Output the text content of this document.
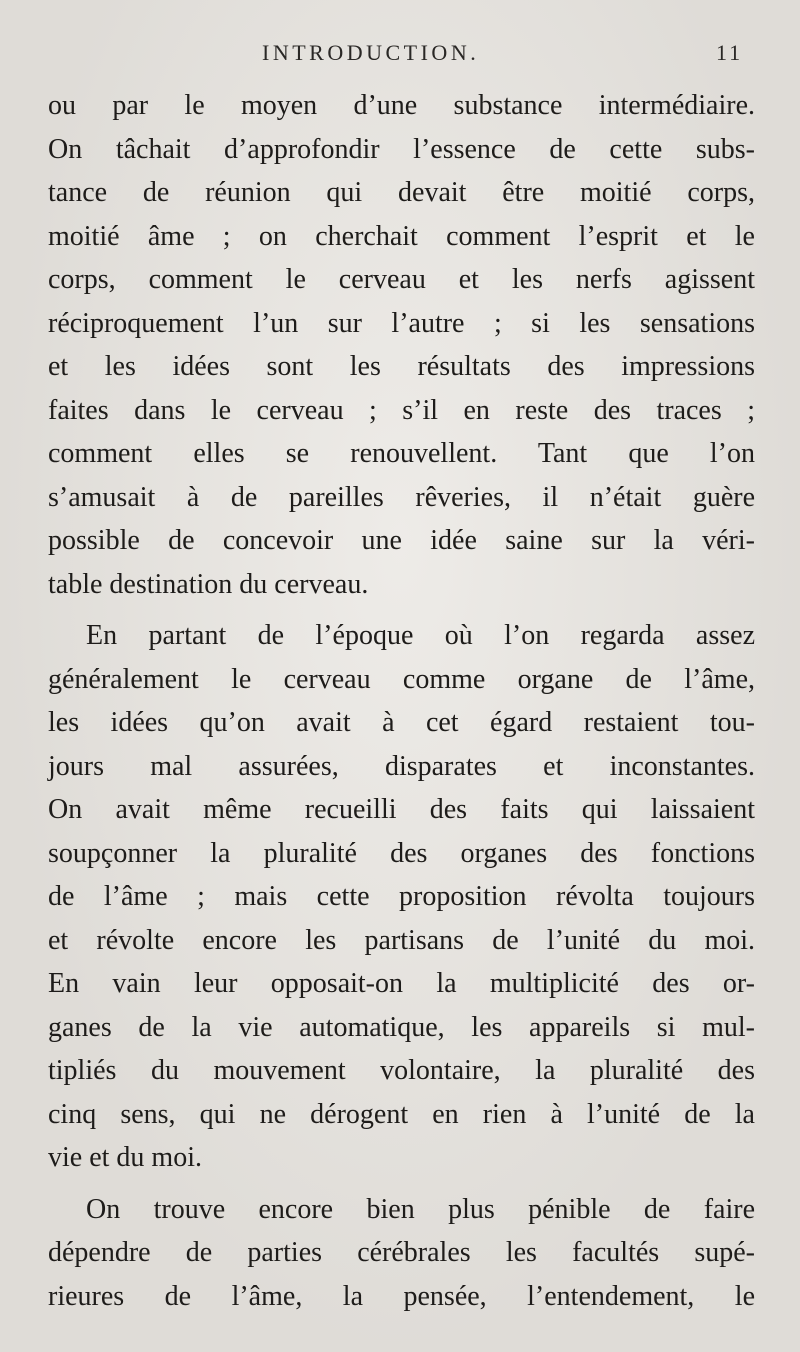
INTRODUCTION.	11
ou par le moyen d’une substance intermédiaire.
On tâchait d’approfondir l’essence de cette subs-
tance de réunion qui devait être moitié corps,
moitié âme ; on cherchait comment l’esprit et le
corps, comment le cerveau et les nerfs agissent
réciproquement l’un sur l’autre ; si les sensations
et les idées sont les résultats des impressions
faites dans le cerveau ; s’il en reste des traces ;
comment elles se renouvellent. Tant que l’on
s’amusait à de pareilles rêveries, il n’était guère
possible de concevoir une idée saine sur la véri-
table destination du cerveau.
En partant de l’époque où l’on regarda assez
généralement le cerveau comme organe de l’âme,
les idées qu’on avait à cet égard restaient tou-
jours mal assurées, disparates et inconstantes.
On avait même recueilli des faits qui laissaient
soupçonner la pluralité des organes des fonctions
de l’âme ; mais cette proposition révolta toujours
et révolte encore les partisans de l’unité du moi.
En vain leur opposait-on la multiplicité des or-
ganes de la vie automatique, les appareils si mul-
tipliés du mouvement volontaire, la pluralité des
cinq sens, qui ne dérogent en rien à l’unité de la
vie et du moi.
On trouve encore bien plus pénible de faire
dépendre de parties cérébrales les facultés supé-
rieures de l’âme, la pensée, l’entendement, le
